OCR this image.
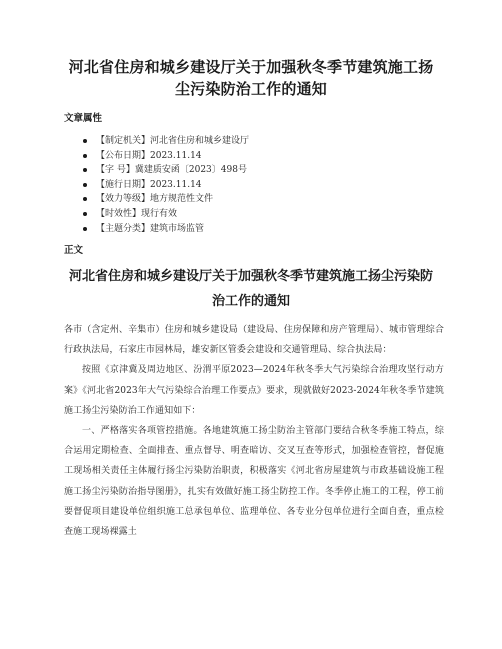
河北省住房和城乡建设厅关于加强秋冬季节建筑施工扬尘污染防治工作的通知
文章属性
【制定机关】河北省住房和城乡建设厅
【公布日期】2023.11.14
【字 号】冀建质安函〔2023〕498号
【施行日期】2023.11.14
【效力等级】地方规范性文件
【时效性】现行有效
【主题分类】建筑市场监管
正文
河北省住房和城乡建设厅关于加强秋冬季节建筑施工扬尘污染防治工作的通知

各市（含定州、辛集市）住房和城乡建设局（建设局、住房保障和房产管理局）、城市管理综合行政执法局，石家庄市园林局，雄安新区管委会建设和交通管理局、综合执法局：

按照《京津冀及周边地区、汾渭平原2023—2024年秋冬季大气污染综合治理攻坚行动方案》《河北省2023年大气污染综合治理工作要点》要求，现就做好2023-2024年秋冬季节建筑施工扬尘污染防治工作通知如下：

一、严格落实各项管控措施。各地建筑施工扬尘防治主管部门要结合秋冬季施工特点，综合运用定期检查、全面排查、重点督导、明查暗访、交叉互查等形式，加强检查管控，督促施工现场相关责任主体履行扬尘污染防治职责，积极落实《河北省房屋建筑与市政基础设施工程施工扬尘污染防治指导图册》，扎实有效做好施工扬尘防控工作。冬季停止施工的工程，停工前要督促项目建设单位组织施工总承包单位、监理单位、各专业分包单位进行全面自查，重点检查施工现场裸露土
